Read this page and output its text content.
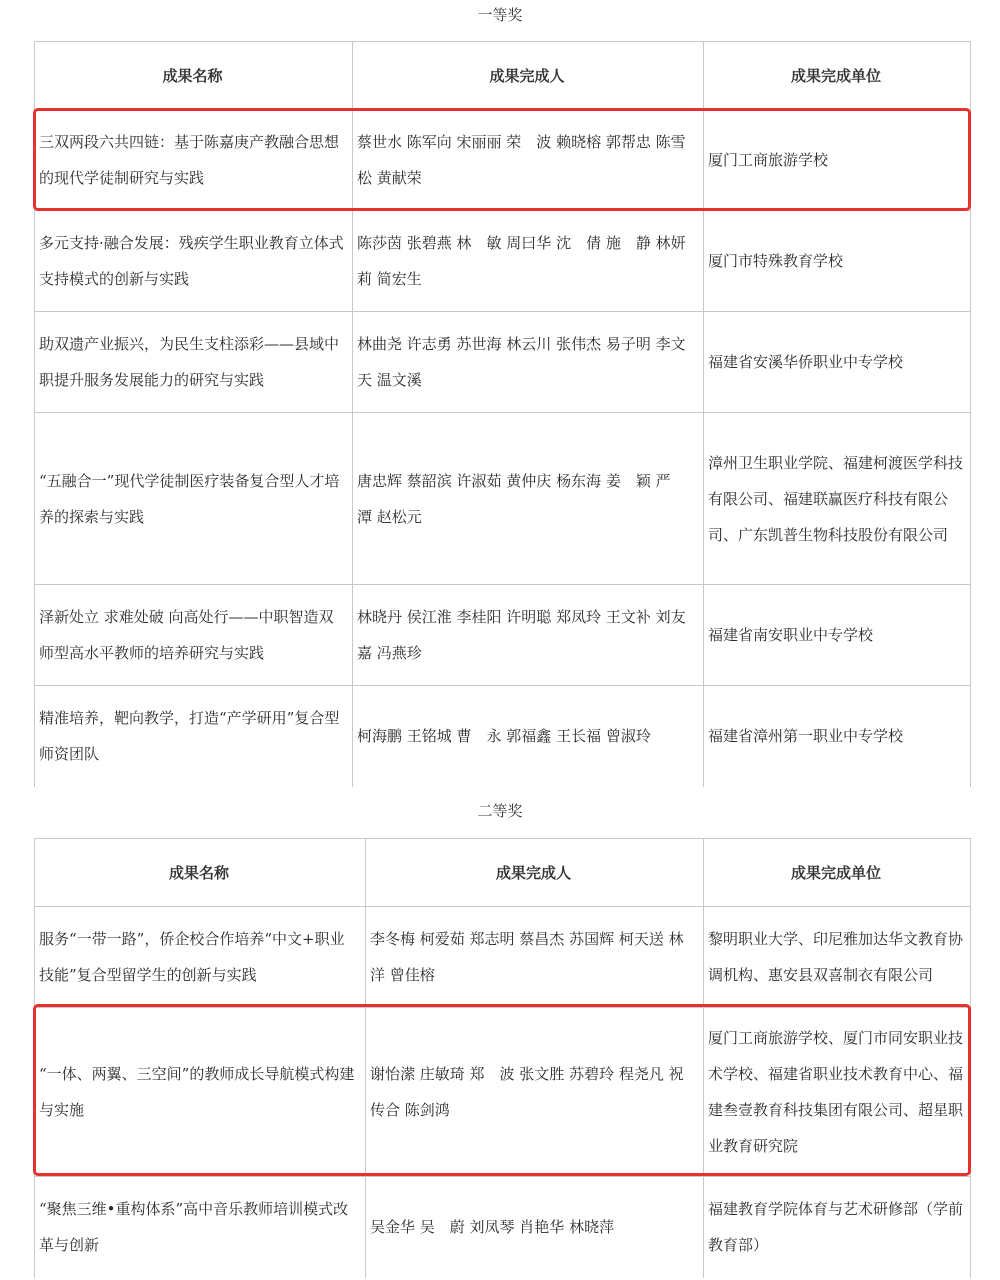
一等奖
成果名称	成果完成人	成果完成单位
三双两段六共四链：基于陈嘉庚产教融合思想的现代学徒制研究与实践	蔡世水 陈军向 宋丽丽 荣　波 赖晓榕 郭帮忠 陈雪松 黄献荣	厦门工商旅游学校
多元支持·融合发展：残疾学生职业教育立体式支持模式的创新与实践	陈莎茵 张碧燕 林　敏 周曰华 沈　倩 施　静 林妍莉 简宏生	厦门市特殊教育学校
助双遗产业振兴，为民生支柱添彩——县域中职提升服务发展能力的研究与实践	林曲尧 许志勇 苏世海 林云川 张伟杰 易子明 李文天 温文溪	福建省安溪华侨职业中专学校
“五融合一”现代学徒制医疗装备复合型人才培养的探索与实践	唐忠辉 蔡韶滨 许淑茹 黄仲庆 杨东海 姜　颖 严　潭 赵松元	漳州卫生职业学院、福建柯渡医学科技有限公司、福建联赢医疗科技有限公司、广东凯普生物科技股份有限公司
泽新处立 求难处破 向高处行——中职智造双师型高水平教师的培养研究与实践	林晓丹 侯江淮 李桂阳 许明聪 郑凤玲 王文补 刘友嘉 冯燕珍	福建省南安职业中专学校
精准培养，靶向教学，打造“产学研用”复合型师资团队	柯海鹏 王铭城 曹　永 郭福鑫 王长福 曾淑玲	福建省漳州第一职业中专学校
二等奖
成果名称	成果完成人	成果完成单位
服务“一带一路”，侨企校合作培养“中文+职业技能”复合型留学生的创新与实践	李冬梅 柯爱茹 郑志明 蔡昌杰 苏国辉 柯天送 林洋 曾佳榕	黎明职业大学、印尼雅加达华文教育协调机构、惠安县双喜制衣有限公司
“一体、两翼、三空间”的教师成长导航模式构建与实施	谢怡潆 庄敏琦 郑　波 张文胜 苏碧玲 程尧凡 祝传合 陈剑鸿	厦门工商旅游学校、厦门市同安职业技术学校、福建省职业技术教育中心、福建叁壹教育科技集团有限公司、超星职业教育研究院
“聚焦三维•重构体系”高中音乐教师培训模式改革与创新	吴金华 吴　蔚 刘凤琴 肖艳华 林晓萍	福建教育学院体育与艺术研修部（学前教育部）
